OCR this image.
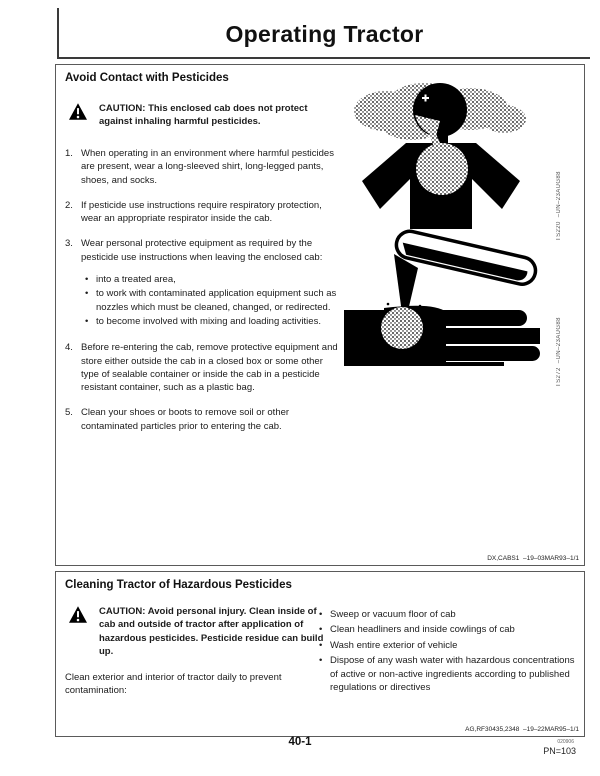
Operating Tractor
Avoid Contact with Pesticides
CAUTION: This enclosed cab does not protect against inhaling harmful pesticides.
1. When operating in an environment where harmful pesticides are present, wear a long-sleeved shirt, long-legged pants, shoes, and socks.
2. If pesticide use instructions require respiratory protection, wear an appropriate respirator inside the cab.
3. Wear personal protective equipment as required by the pesticide use instructions when leaving the enclosed cab:
• into a treated area,
• to work with contaminated application equipment such as nozzles which must be cleaned, changed, or redirected.
• to become involved with mixing and loading activities.
4. Before re-entering the cab, remove protective equipment and store either outside the cab in a closed box or some other type of sealable container or inside the cab in a pesticide resistant container, such as a plastic bag.
5. Clean your shoes or boots to remove soil or other contaminated particles prior to entering the cab.
TS220  –UN–23AUG88
TS272  –UN–23AUG88
DX,CABS1  –19–03MAR93–1/1
Cleaning Tractor of Hazardous Pesticides
CAUTION: Avoid personal injury. Clean inside of cab and outside of tractor after application of hazardous pesticides. Pesticide residue can build up.
Clean exterior and interior of tractor daily to prevent contamination:
• Sweep or vacuum floor of cab
• Clean headliners and inside cowlings of cab
• Wash entire exterior of vehicle
• Dispose of any wash water with hazardous concentrations of active or non-active ingredients according to published regulations or directives
AG,RF30435,2348  –19–22MAR95–1/1
40-1	020906
PN=103
